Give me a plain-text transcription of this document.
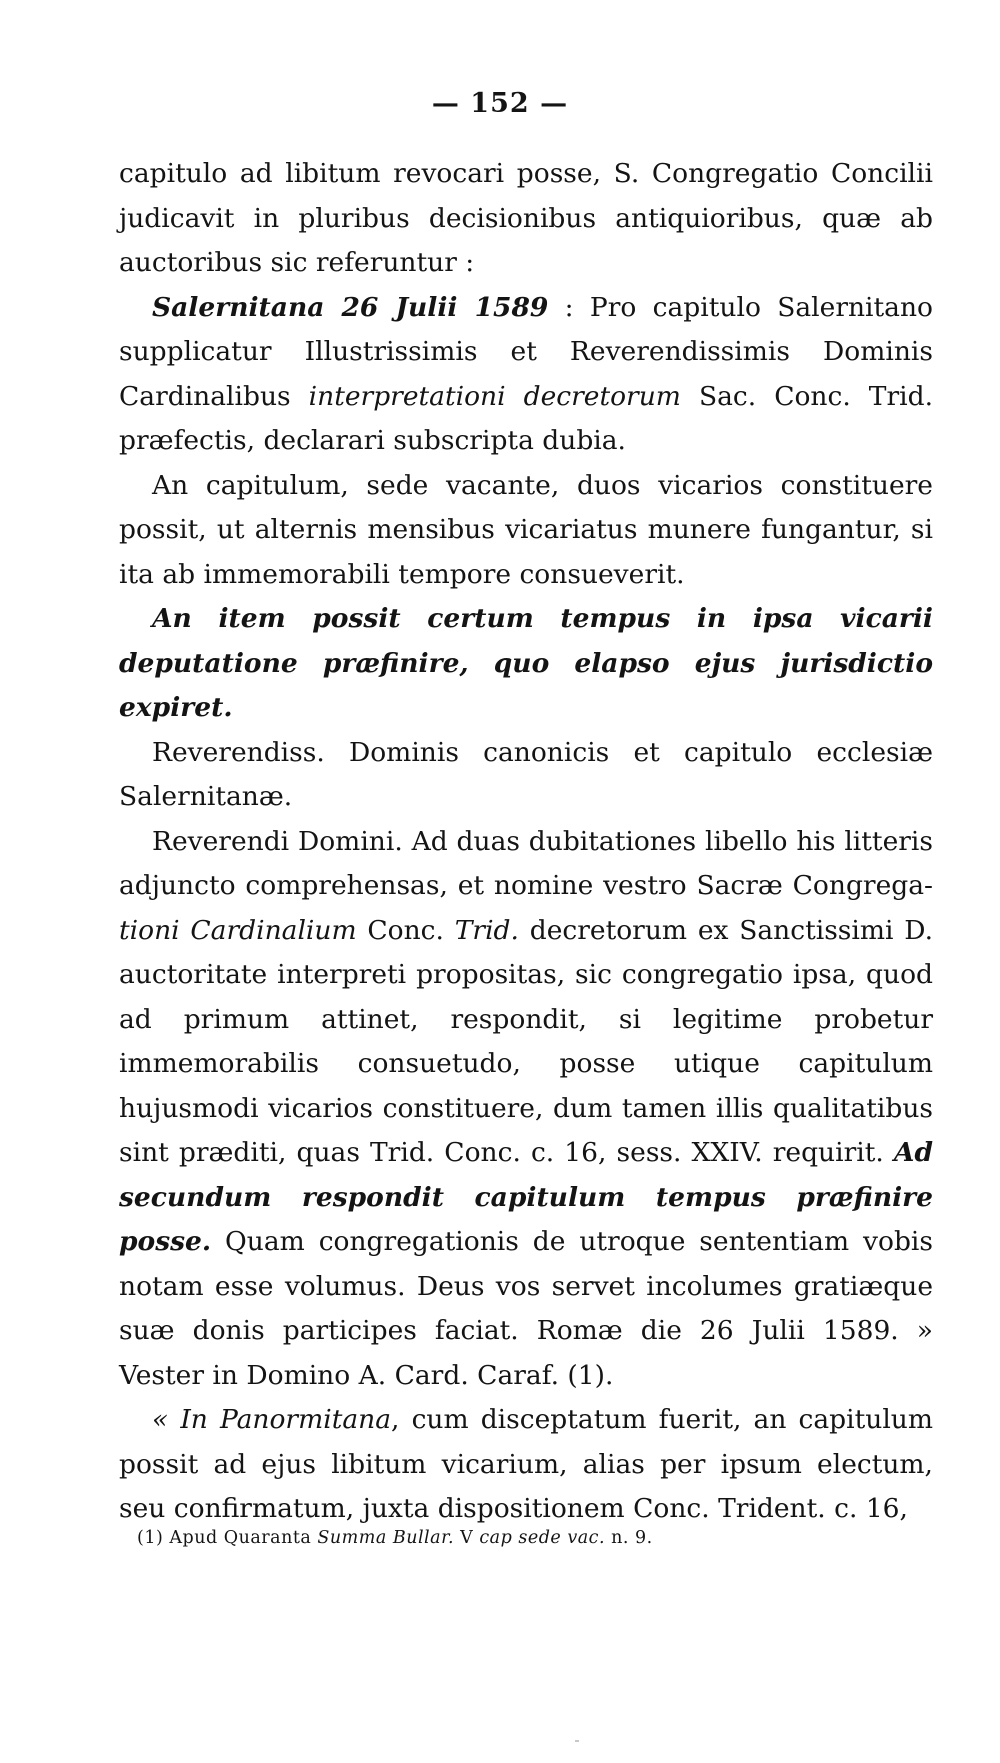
— 152 —

capitulo ad libitum revocari posse, S. Congregatio Concilii judicavit in pluribus decisionibus antiquioribus, quæ ab auctoribus sic referuntur :

Salernitana 26 Julii 1589 : Pro capitulo Salernitano supplicatur Illustrissimis et Reverendissimis Dominis Cardinalibus interpretationi decretorum Sac. Conc. Trid. præfectis, declarari subscripta dubia.

An capitulum, sede vacante, duos vicarios constituere possit, ut alternis mensibus vicariatus munere fungantur, si ita ab immemorabili tempore consueverit.

An item possit certum tempus in ipsa vicarii deputatione præfinire, quo elapso ejus jurisdictio expiret.

Reverendiss. Dominis canonicis et capitulo ecclesiæ Salernitanæ.

Reverendi Domini. Ad duas dubitationes libello his litteris adjuncto comprehensas, et nomine vestro Sacræ Congregationi Cardinalium Conc. Trid. decretorum ex Sanctissimi D. auctoritate interpreti propositas, sic congregatio ipsa, quod ad primum attinet, respondit, si legitime probetur immemorabilis consuetudo, posse utique capitulum hujusmodi vicarios constituere, dum tamen illis qualitatibus sint præditi, quas Trid. Conc. c. 16, sess. XXIV. requirit. Ad secundum respondit capitulum tempus præfinire posse. Quam congregationis de utroque sententiam vobis notam esse volumus. Deus vos servet incolumes gratiæque suæ donis participes faciat. Romæ die 26 Julii 1589. » Vester in Domino A. Card. Caraf. (1).

« In Panormitana, cum disceptatum fuerit, an capitulum possit ad ejus libitum vicarium, alias per ipsum electum, seu confirmatum, juxta dispositionem Conc. Trident. c. 16,

(1) Apud Quaranta Summa Bullar. V cap sede vac. n. 9.
